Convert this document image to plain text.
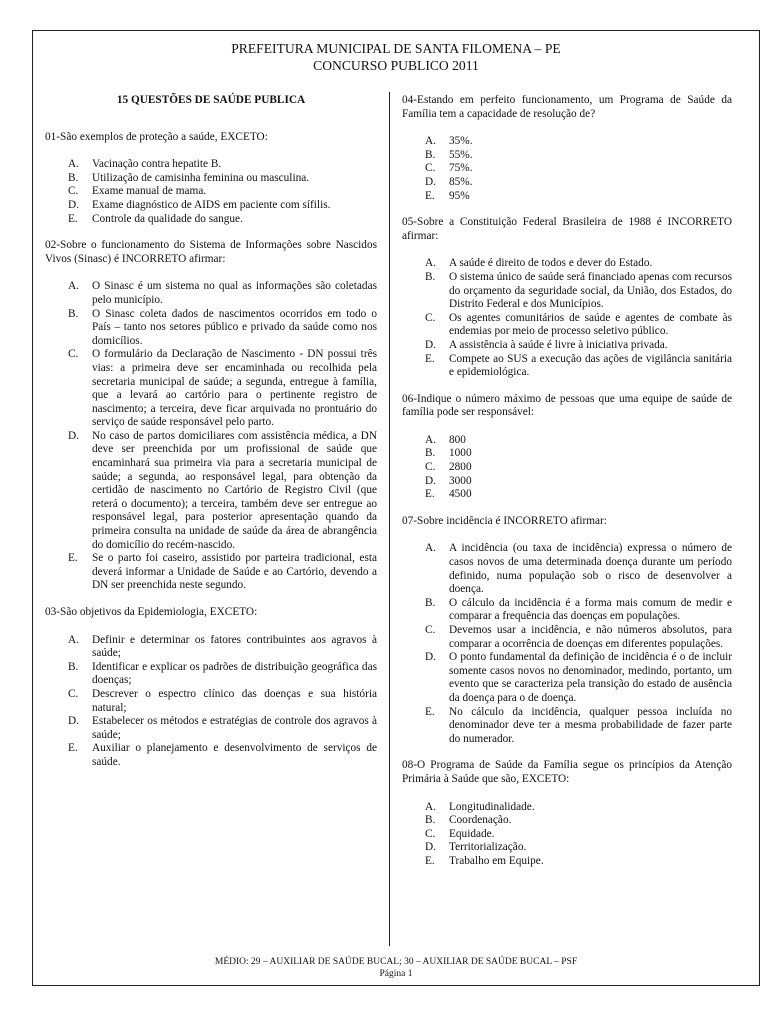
PREFEITURA MUNICIPAL DE SANTA FILOMENA – PE
CONCURSO PUBLICO 2011
15 QUESTÕES DE SAÚDE PUBLICA
01-São exemplos de proteção a saúde, EXCETO:
A.	Vacinação contra hepatite B.
B.	Utilização de camisinha feminina ou masculina.
C.	Exame manual de mama.
D.	Exame diagnóstico de AIDS em paciente com sífilis.
E.	Controle da qualidade do sangue.
02-Sobre o funcionamento do Sistema de Informações sobre Nascidos Vivos (Sinasc) é INCORRETO afirmar:
A.	O Sinasc é um sistema no qual as informações são coletadas pelo município.
B.	O Sinasc coleta dados de nascimentos ocorridos em todo o País – tanto nos setores público e privado da saúde como nos domicílios.
C.	O formulário da Declaração de Nascimento - DN possui três vias: a primeira deve ser encaminhada ou recolhida pela secretaria municipal de saúde; a segunda, entregue à família, que a levará ao cartório para o pertinente registro de nascimento; a terceira, deve ficar arquivada no prontuário do serviço de saúde responsável pelo parto.
D.	No caso de partos domiciliares com assistência médica, a DN deve ser preenchida por um profissional de saúde que encaminhará sua primeira via para a secretaria municipal de saúde; a segunda, ao responsável legal, para obtenção da certidão de nascimento no Cartório de Registro Civil (que reterá o documento); a terceira, também deve ser entregue ao responsável legal, para posterior apresentação quando da primeira consulta na unidade de saúde da área de abrangência do domicílio do recém-nascido.
E.	Se o parto foi caseiro, assistido por parteira tradicional, esta deverá informar a Unidade de Saúde e ao Cartório, devendo a DN ser preenchida neste segundo.
03-São objetivos da Epidemiologia, EXCETO:
A.	Definir e determinar os fatores contribuintes aos agravos à saúde;
B.	Identificar e explicar os padrões de distribuição geográfica das doenças;
C.	Descrever o espectro clínico das doenças e sua história natural;
D.	Estabelecer os métodos e estratégias de controle dos agravos à saúde;
E.	Auxiliar o planejamento e desenvolvimento de serviços de saúde.
04-Estando em perfeito funcionamento, um Programa de Saúde da Família tem a capacidade de resolução de?
A.	35%.
B.	55%.
C.	75%.
D.	85%.
E.	95%
05-Sobre a Constituição Federal Brasileira de 1988 é INCORRETO afirmar:
A.	A saúde é direito de todos e dever do Estado.
B.	O sistema único de saúde será financiado apenas com recursos do orçamento da seguridade social, da União, dos Estados, do Distrito Federal e dos Municípios.
C.	Os agentes comunitários de saúde e agentes de combate às endemias por meio de processo seletivo público.
D.	A assistência à saúde é livre à iniciativa privada.
E.	Compete ao SUS a execução das ações de vigilância sanitária e epidemiológica.
06-Indique o número máximo de pessoas que uma equipe de saúde de família pode ser responsável:
A.	800
B.	1000
C.	2800
D.	3000
E.	4500
07-Sobre incidência é INCORRETO afirmar:
A.	A incidência (ou taxa de incidência) expressa o número de casos novos de uma determinada doença durante um período definido, numa população sob o risco de desenvolver a doença.
B.	O cálculo da incidência é a forma mais comum de medir e comparar a frequência das doenças em populações.
C.	Devemos usar a incidência, e não números absolutos, para comparar a ocorrência de doenças em diferentes populações.
D.	O ponto fundamental da definição de incidência é o de incluir somente casos novos no denominador, medindo, portanto, um evento que se caracteriza pela transição do estado de ausência da doença para o de doença.
E.	No cálculo da incidência, qualquer pessoa incluída no denominador deve ter a mesma probabilidade de fazer parte do numerador.
08-O Programa de Saúde da Família segue os princípios da Atenção Primária à Saúde que são, EXCETO:
A.	Longitudinalidade.
B.	Coordenação.
C.	Equidade.
D.	Territorialização.
E.	Trabalho em Equipe.
MÉDIO: 29 – AUXILIAR DE SAÚDE BUCAL; 30 – AUXILIAR DE SAÚDE BUCAL – PSF
Página 1
